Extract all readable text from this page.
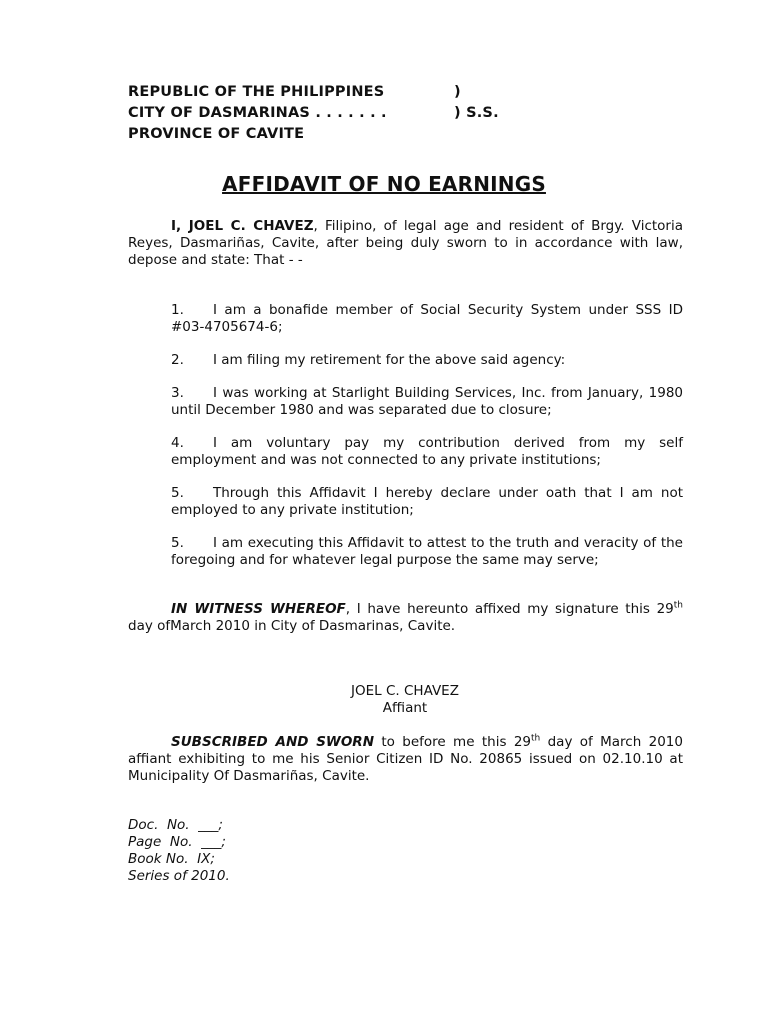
REPUBLIC OF THE PHILIPPINES	)
CITY OF DASMARINAS . . . . . . .	) S.S.
PROVINCE OF CAVITE
AFFIDAVIT OF NO EARNINGS

I, JOEL C. CHAVEZ, Filipino, of legal age and resident of Brgy. Victoria Reyes, Dasmariñas, Cavite, after being duly sworn to in accordance with law, depose and state: That - -

1. I am a bonafide member of Social Security System under SSS ID #03-4705674-6;

2. I am filing my retirement for the above said agency:

3. I was working at Starlight Building Services, Inc. from January, 1980 until December 1980 and was separated due to closure;

4. I am voluntary pay my contribution derived from my self employment and was not connected to any private institutions;

5. Through this Affidavit I hereby declare under oath that I am not employed to any private institution;

5. I am executing this Affidavit to attest to the truth and veracity of the foregoing and for whatever legal purpose the same may serve;

IN WITNESS WHEREOF, I have hereunto affixed my signature this 29th day ofMarch 2010 in City of Dasmarinas, Cavite.

JOEL C. CHAVEZ
Affiant

SUBSCRIBED AND SWORN to before me this 29th day of March 2010 affiant exhibiting to me his Senior Citizen ID No. 20865 issued on 02.10.10 at Municipality Of Dasmariñas, Cavite.

Doc.  No.  ___;
Page  No.  ___;
Book No.  IX;
Series of 2010.
